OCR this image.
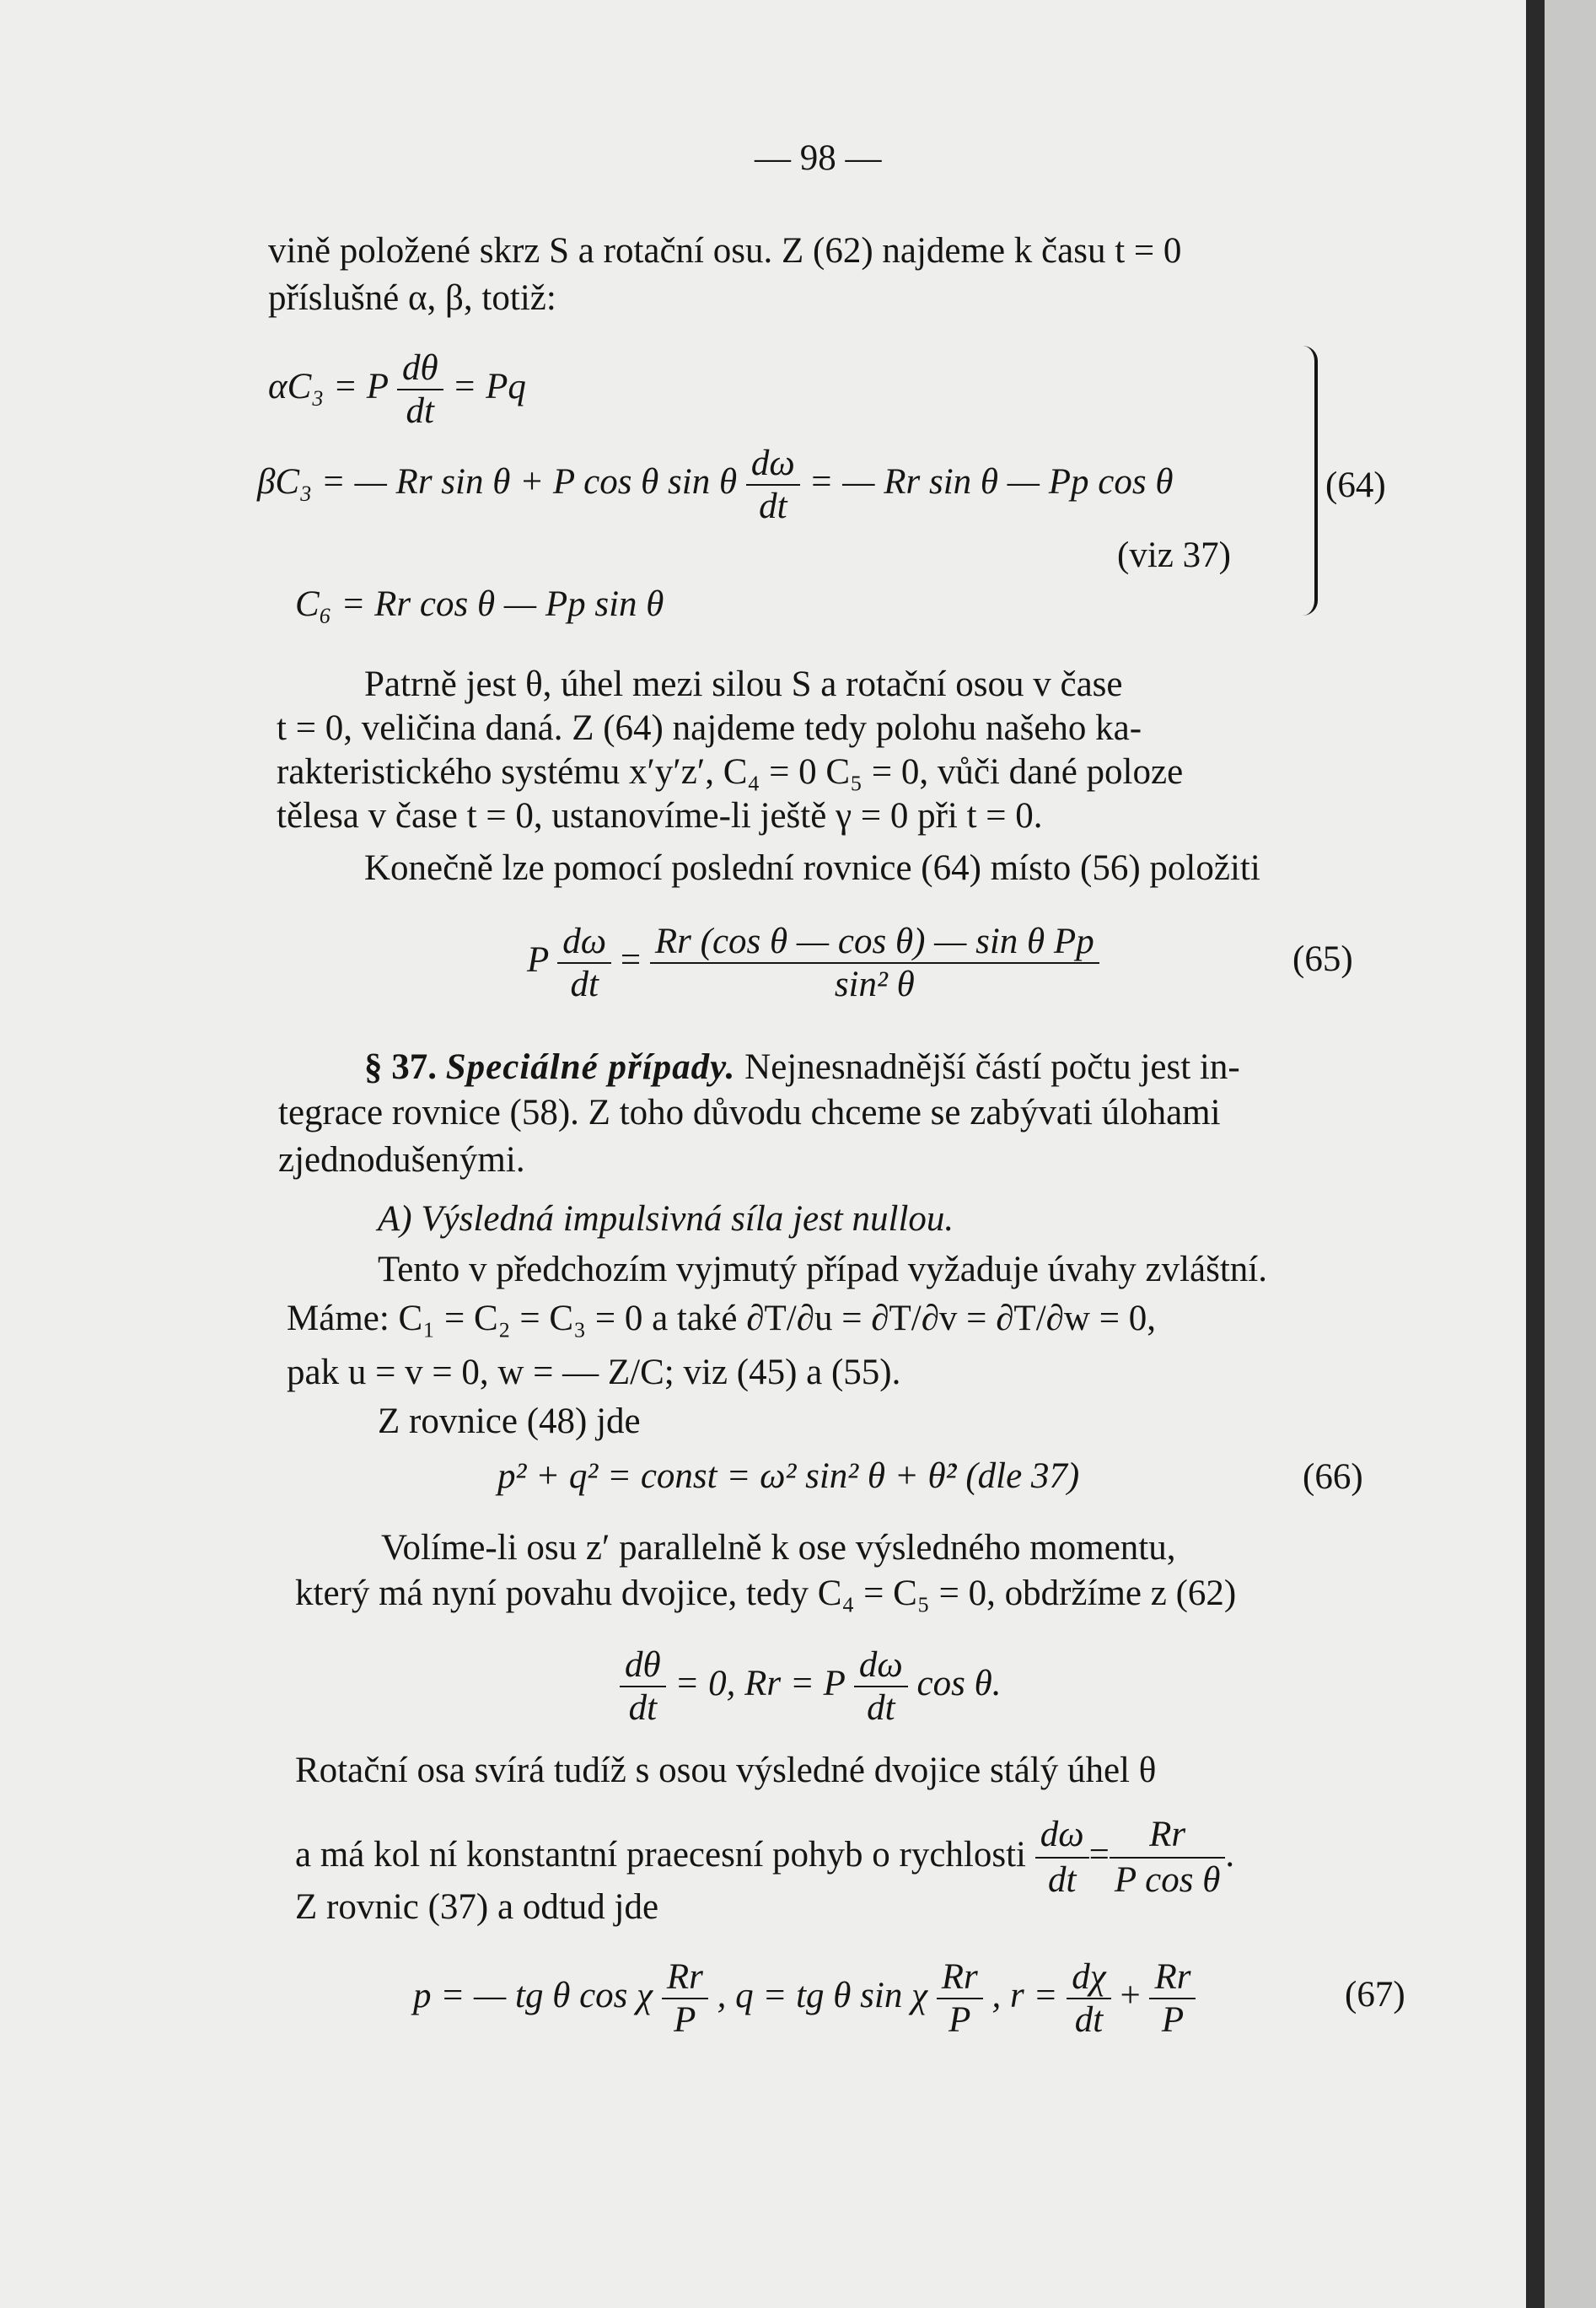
— 98 —
vině položené skrz S a rotační osu. Z (62) najdeme k času t = 0
příslušné α, β, totiž:
αC₃ = P $\frac{d\theta}{dt} = Pq$
βC₃ = — Rr sin θ + P cos θ sin θ $\frac{d\omega}{dt}$ = — Rr sin θ — Pp cos θ	(64)
(viz 37)
C₆ = Rr cos θ — Pp sin θ
Patrně jest θ, úhel mezi silou S a rotační osou v čase
t = 0, veličina daná. Z (64) najdeme tedy polohu našeho ka-
rakteristického systému x′y′z′, C₄ = 0 C₅ = 0, vůči dané poloze
tělesa v čase t = 0, ustanovíme-li ještě γ = 0 při t = 0.
Konečně lze pomocí poslední rovnice (64) místo (56) položiti
P $\frac{d\omega}{dt} = \frac{\text{Rr (cos θ — cos θ) — sin θ Pp}}{\text{sin² θ}}$	(65)
§ 37. Speciálné případy. Nejnesnadnější částí počtu jest in-
tegrace rovnice (58). Z toho důvodu chceme se zabývati úlohami
zjednodušenými.
A) Výsledná impulsivná síla jest nullou.
Tento v předchozím vyjmutý případ vyžaduje úvahy zvláštní.
Máme: C₁ = C₂ = C₃ = 0 a také ∂T/∂u = ∂T/∂v = ∂T/∂w = 0,
pak u = v = 0, w = — Z/C; viz (45) a (55).
Z rovnice (48) jde
p² + q² = const = ω² sin² θ + θ̇² (dle 37)	(66)
Volíme-li osu z′ parallelně k ose výsledného momentu,
který má nyní povahu dvojice, tedy C₄ = C₅ = 0, obdržíme z (62)
$\frac{d\theta}{dt} = 0$, Rr = P $\frac{d\omega}{dt}$ cos θ.
Rotační osa svírá tudíž s osou výsledné dvojice stálý úhel θ
a má kol ní konstantní praecesní pohyb o rychlosti $\frac{d\omega}{dt} = \frac{Rr}{\text{P cos θ}}$ .
Z rovnic (37) a odtud jde
p = — tg θ cos χ $\frac{Rr}{P}$ , q = tg θ sin χ $\frac{Rr}{P}$ , $r = \frac{d\chi}{dt} + \frac{Rr}{P}$	(67)
